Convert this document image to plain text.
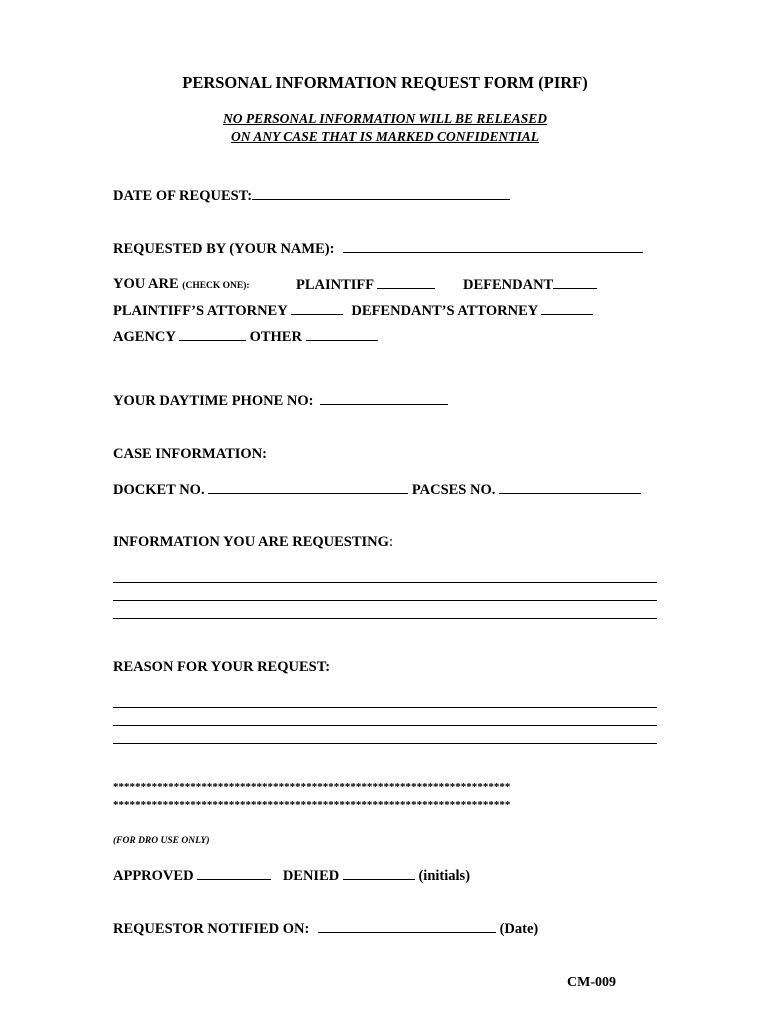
PERSONAL INFORMATION REQUEST FORM (PIRF)
NO PERSONAL INFORMATION WILL BE RELEASED
ON ANY CASE THAT IS MARKED CONFIDENTIAL
DATE OF REQUEST:
REQUESTED BY (YOUR NAME):
YOU ARE (CHECK ONE):	PLAINTIFF	DEFENDANT
PLAINTIFF’S ATTORNEY	DEFENDANT’S ATTORNEY
AGENCY	OTHER
YOUR DAYTIME PHONE NO:
CASE INFORMATION:
DOCKET NO.	PACSES NO.
INFORMATION YOU ARE REQUESTING:
REASON FOR YOUR REQUEST:
************************************************************************
************************************************************************
(FOR DRO USE ONLY)
APPROVED	DENIED	(initials)
REQUESTOR NOTIFIED ON:	(Date)
CM-009
